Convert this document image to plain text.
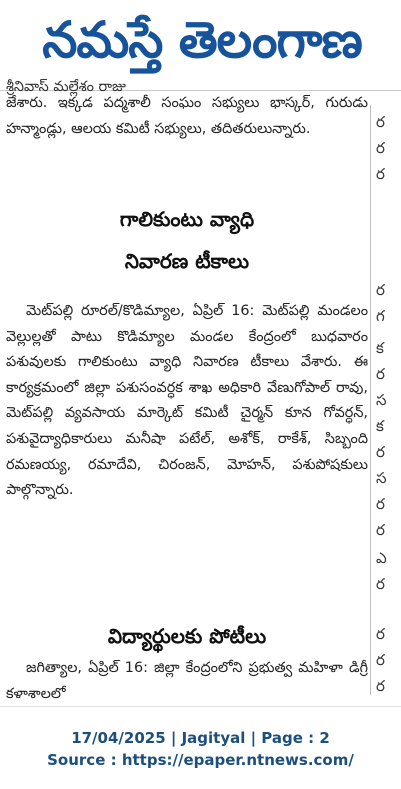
నమస్తే తెలంగాణ
శ్రీనివాస్ మల్లేశం రాజు

జేశారు. ఇక్కడ పద్మశాలీ సంఘం సభ్యులు భాస్కర్, గురుడు హన్మాండ్లు, ఆలయ కమిటీ సభ్యులు, తదితరులున్నారు.

గాలికుంటు వ్యాధి
నివారణ టీకాలు

మెట్‌పల్లి రూరల్/కొడిమ్యాల, ఏప్రిల్ 16: మెట్‌పల్లి మండలం వెల్లుల్లతో పాటు కొడిమ్యాల మండల కేంద్రంలో బుధవారం పశువులకు గాలికుంటు వ్యాధి నివారణ టీకాలు వేశారు. ఈ కార్యక్రమంలో జిల్లా పశుసంవర్ధక శాఖ అధికారి వేణుగోపాల్ రావు, మెట్‌పల్లి వ్యవసాయ మార్కెట్ కమిటీ చైర్మన్ కూన గోవర్ధన్, పశువైద్యాధికారులు మనీషా పటేల్, అశోక్, రాకేశ్, సిబ్బంది రమణయ్య, రమాదేవి, చిరంజన్, మోహన్, పశుపోషకులు పాల్గొన్నారు.

విద్యార్థులకు పోటీలు

జగిత్యాల, ఏప్రిల్ 16: జిల్లా కేంద్రంలోని ప్రభుత్వ మహిళా డిగ్రీ కళాశాలలో

ర
ర
ర
ర
గ
క
ర
స
క
ర
స
ర
ర
ఎ
ర
ర
ర
ర
17/04/2025 | Jagityal | Page : 2
Source : https://epaper.ntnews.com/
